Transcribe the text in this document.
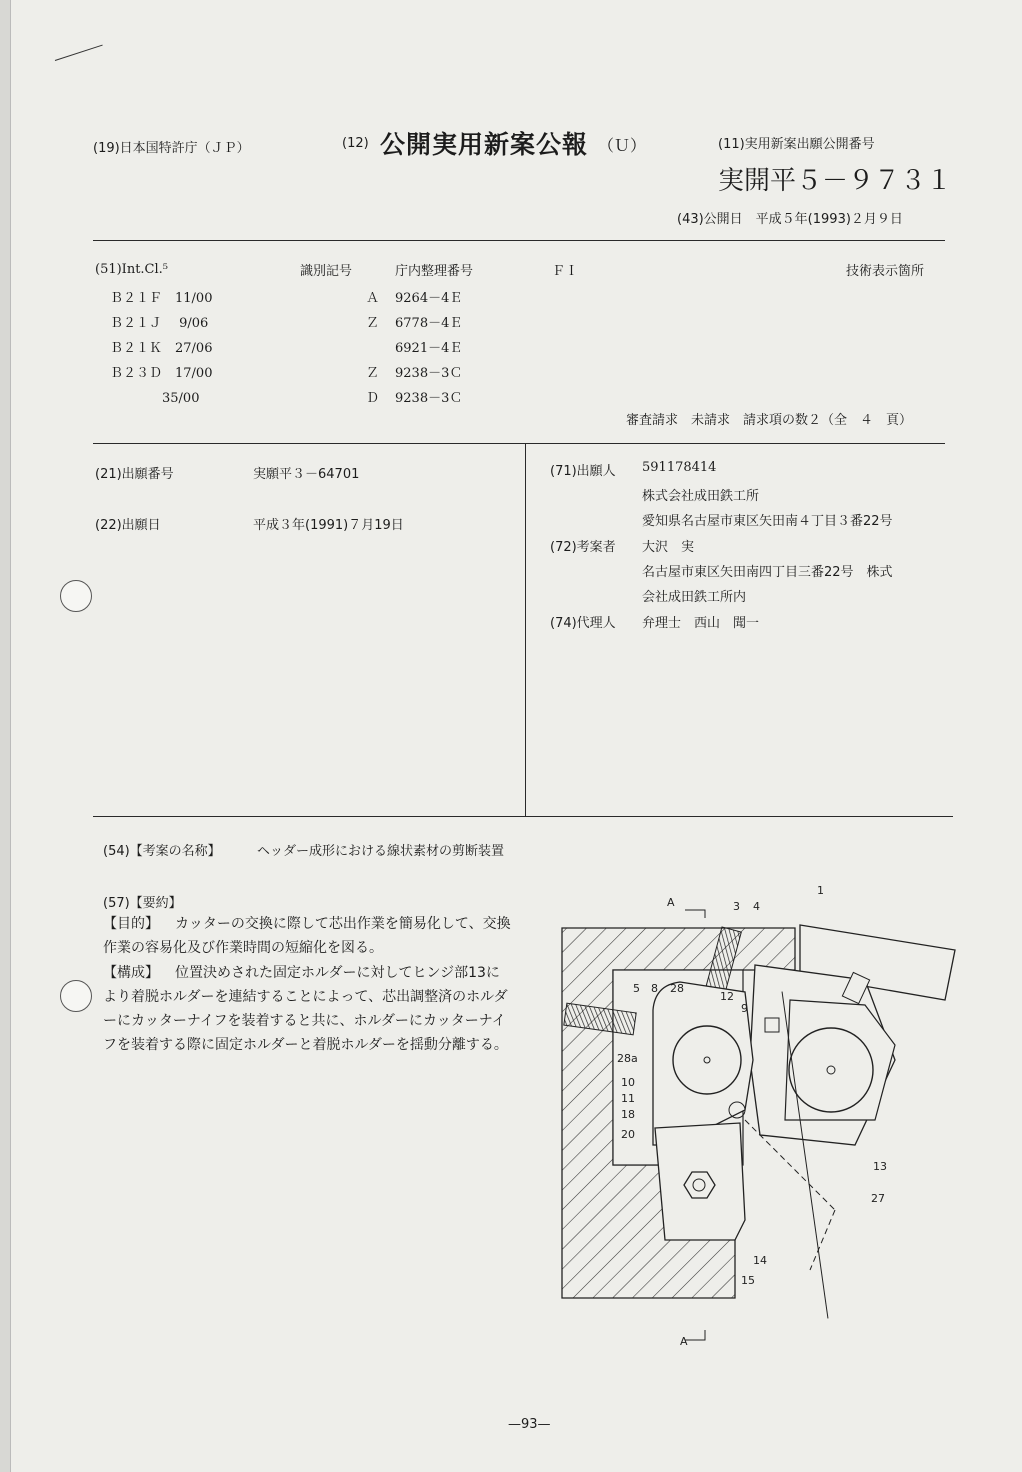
(19)日本国特許庁（ＪＰ）	(12) 公開実用新案公報 （Ｕ）	(11)実用新案出願公開番号
実開平５－９７３１
(43)公開日　平成５年(1993)２月９日
(51)Int.Cl.⁵	識別記号	庁内整理番号	ＦＩ	技術表示箇所
Ｂ２１Ｆ　11/00	Ａ 9264－4Ｅ
Ｂ２１Ｊ　 9/06	Ｚ 6778－4Ｅ
Ｂ２１Ｋ　27/06	6921－4Ｅ
Ｂ２３Ｄ　17/00	Ｚ 9238－3Ｃ
　　　　35/00	Ｄ 9238－3Ｃ
審査請求　未請求　請求項の数２（全　４　頁）
(21)出願番号	実願平３－64701
(22)出願日	平成３年(1991)７月19日
(71)出願人 591178414
株式会社成田鉄工所
愛知県名古屋市東区矢田南４丁目３番22号
(72)考案者 大沢　実
名古屋市東区矢田南四丁目三番22号　株式
会社成田鉄工所内
(74)代理人 弁理士　西山　聞一
(54)【考案の名称】	ヘッダー成形における線状素材の剪断装置
(57)【要約】
【目的】 カッターの交換に際して芯出作業を簡易化して、交換作業の容易化及び作業時間の短縮化を図る。
【構成】 位置決めされた固定ホルダーに対してヒンジ部13により着脱ホルダーを連結することによって、芯出調整済のホルダーにカッターナイフを装着すると共に、ホルダーにカッターナイフを装着する際に固定ホルダーと着脱ホルダーを揺動分離する。
A
A
1
3 4
5 8 28
12
9
28a
10
11
18
20
13
27
14
15
—93—
